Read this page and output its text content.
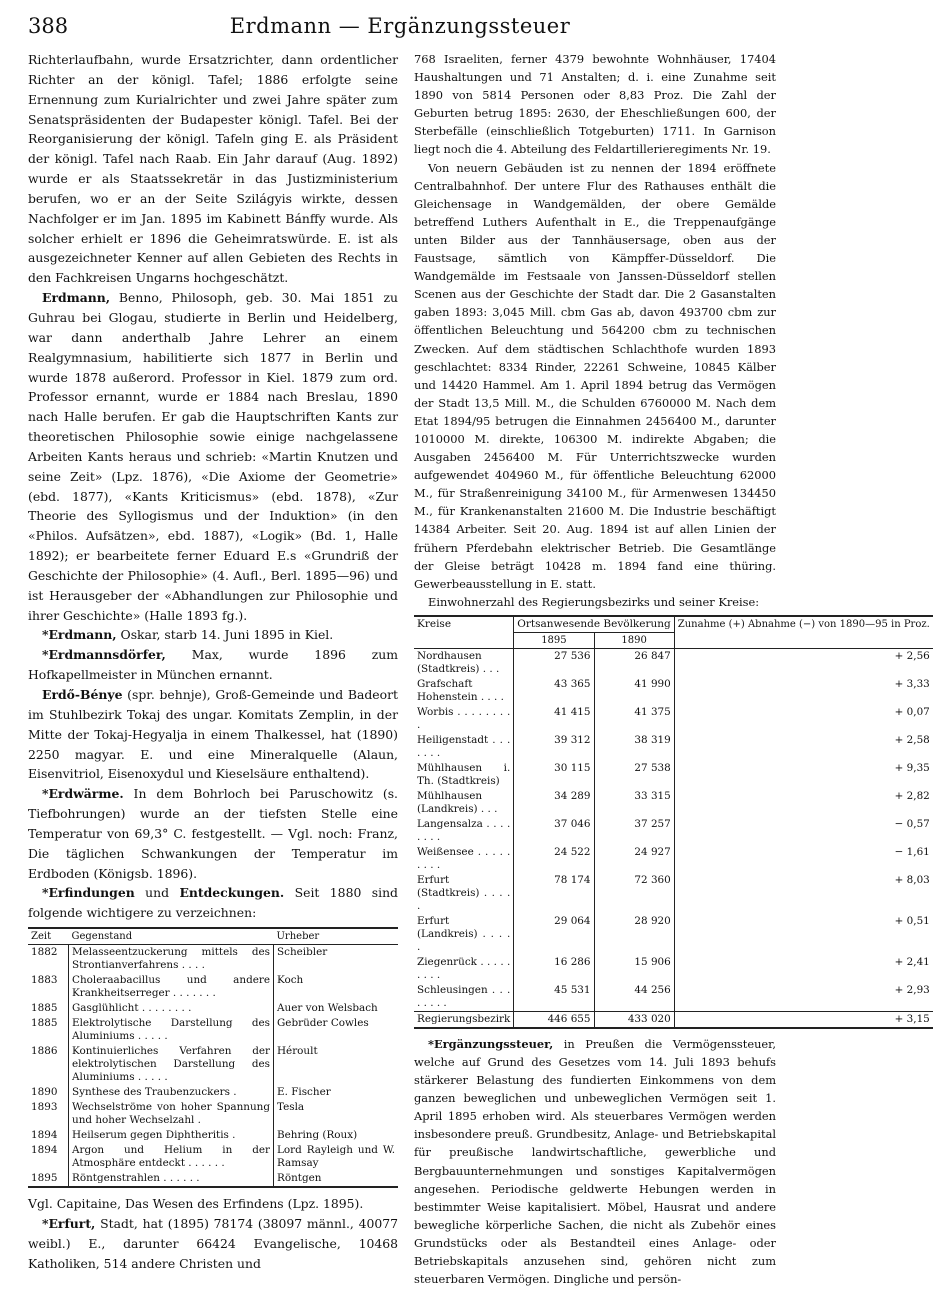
388	Erdmann — Ergänzungssteuer

Richterlaufbahn, wurde Ersatzrichter, dann ordentlicher Richter an der königl. Tafel; 1886 erfolgte seine Ernennung zum Kurialrichter und zwei Jahre später zum Senatspräsidenten der Budapester königl. Tafel. Bei der Reorganisierung der königl. Tafeln ging E. als Präsident der königl. Tafel nach Raab. Ein Jahr darauf (Aug. 1892) wurde er als Staatssekretär in das Justizministerium berufen, wo er an der Seite Szilágyis wirkte, dessen Nachfolger er im Jan. 1895 im Kabinett Bánffy wurde. Als solcher erhielt er 1896 die Geheimratswürde. E. ist als ausgezeichneter Kenner auf allen Gebieten des Rechts in den Fachkreisen Ungarns hochgeschätzt.

Erdmann, Benno, Philosoph, geb. 30. Mai 1851 zu Guhrau bei Glogau, studierte in Berlin und Heidelberg, war dann anderthalb Jahre Lehrer an einem Realgymnasium, habilitierte sich 1877 in Berlin und wurde 1878 außerord. Professor in Kiel. 1879 zum ord. Professor ernannt, wurde er 1884 nach Breslau, 1890 nach Halle berufen. Er gab die Hauptschriften Kants zur theoretischen Philosophie sowie einige nachgelassene Arbeiten Kants heraus und schrieb: «Martin Knutzen und seine Zeit» (Lpz. 1876), «Die Axiome der Geometrie» (ebd. 1877), «Kants Kriticismus» (ebd. 1878), «Zur Theorie des Syllogismus und der Induktion» (in den «Philos. Aufsätzen», ebd. 1887), «Logik» (Bd. 1, Halle 1892); er bearbeitete ferner Eduard E.s «Grundriß der Geschichte der Philosophie» (4. Aufl., Berl. 1895—96) und ist Herausgeber der «Abhandlungen zur Philosophie und ihrer Geschichte» (Halle 1893 fg.).

*Erdmann, Oskar, starb 14. Juni 1895 in Kiel.

*Erdmannsdörfer, Max, wurde 1896 zum Hofkapellmeister in München ernannt.

Erdő-Bénye (spr. behnje), Groß-Gemeinde und Badeort im Stuhlbezirk Tokaj des ungar. Komitats Zemplin, in der Mitte der Tokaj-Hegyalja in einem Thalkessel, hat (1890) 2250 magyar. E. und eine Mineralquelle (Alaun, Eisenvitriol, Eisenoxydul und Kieselsäure enthaltend).

*Erdwärme. In dem Bohrloch bei Paruschowitz (s. Tiefbohrungen) wurde an der tiefsten Stelle eine Temperatur von 69,3° C. festgestellt. — Vgl. noch: Franz, Die täglichen Schwankungen der Temperatur im Erdboden (Königsb. 1896).

*Erfindungen und Entdeckungen. Seit 1880 sind folgende wichtigere zu verzeichnen:

Zeit	Gegenstand	Urheber
1882	Melasseentzuckerung mittels des Strontianverfahrens . . . .	Scheibler
1883	Choleraabacillus und andere Krankheitserreger . . . . . . .	Koch
1885	Gasglühlicht . . . . . . . .	Auer von Welsbach
1885	Elektrolytische Darstellung des Aluminiums . . . . .	Gebrüder Cowles
1886	Kontinuierliches Verfahren der elektrolytischen Darstellung des Aluminiums . . . . .	Héroult
1890	Synthese des Traubenzuckers .	E. Fischer
1893	Wechselströme von hoher Spannung und hoher Wechselzahl .	Tesla
1894	Heilserum gegen Diphtheritis .	Behring (Roux)
1894	Argon und Helium in der Atmosphäre entdeckt . . . . . .	Lord Rayleigh und W. Ramsay
1895	Röntgenstrahlen . . . . . .	Röntgen

Vgl. Capitaine, Das Wesen des Erfindens (Lpz. 1895).

*Erfurt, Stadt, hat (1895) 78174 (38097 männl., 40077 weibl.) E., darunter 66424 Evangelische, 10468 Katholiken, 514 andere Christen und

768 Israeliten, ferner 4379 bewohnte Wohnhäuser, 17404 Haushaltungen und 71 Anstalten; d. i. eine Zunahme seit 1890 von 5814 Personen oder 8,83 Proz. Die Zahl der Geburten betrug 1895: 2630, der Eheschließungen 600, der Sterbefälle (einschließlich Totgeburten) 1711. In Garnison liegt noch die 4. Abteilung des Feldartillerieregiments Nr. 19.

Von neuern Gebäuden ist zu nennen der 1894 eröffnete Centralbahnhof. Der untere Flur des Rathauses enthält die Gleichensage in Wandgemälden, der obere Gemälde betreffend Luthers Aufenthalt in E., die Treppenaufgänge unten Bilder aus der Tannhäusersage, oben aus der Faustsage, sämtlich von Kämpffer-Düsseldorf. Die Wandgemälde im Festsaale von Janssen-Düsseldorf stellen Scenen aus der Geschichte der Stadt dar. Die 2 Gasanstalten gaben 1893: 3,045 Mill. cbm Gas ab, davon 493700 cbm zur öffentlichen Beleuchtung und 564200 cbm zu technischen Zwecken. Auf dem städtischen Schlachthofe wurden 1893 geschlachtet: 8334 Rinder, 22261 Schweine, 10845 Kälber und 14420 Hammel. Am 1. April 1894 betrug das Vermögen der Stadt 13,5 Mill. M., die Schulden 6760000 M. Nach dem Etat 1894/95 betrugen die Einnahmen 2456400 M., darunter 1010000 M. direkte, 106300 M. indirekte Abgaben; die Ausgaben 2456400 M. Für Unterrichtszwecke wurden aufgewendet 404960 M., für öffentliche Beleuchtung 62000 M., für Straßenreinigung 34100 M., für Armenwesen 134450 M., für Krankenanstalten 21600 M. Die Industrie beschäftigt 14384 Arbeiter. Seit 20. Aug. 1894 ist auf allen Linien der frühern Pferdebahn elektrischer Betrieb. Die Gesamtlänge der Gleise beträgt 10428 m. 1894 fand eine thüring. Gewerbeausstellung in E. statt.

Einwohnerzahl des Regierungsbezirks und seiner Kreise:

Kreise	Ortsanwesende Bevölkerung		Zunahme (+) Abnahme (−) von 1890—95 in Proz.
	1895	1890	
Nordhausen (Stadtkreis) . . .	27 536	26 847	+ 2,56
Grafschaft Hohenstein . . . .	43 365	41 990	+ 3,33
Worbis . . . . . . . . .	41 415	41 375	+ 0,07
Heiligenstadt . . . . . . .	39 312	38 319	+ 2,58
Mühlhausen i. Th. (Stadtkreis)	30 115	27 538	+ 9,35
Mühlhausen (Landkreis) . . .	34 289	33 315	+ 2,82
Langensalza . . . . . . . .	37 046	37 257	− 0,57
Weißensee . . . . . . . . .	24 522	24 927	− 1,61
Erfurt (Stadtkreis) . . . . .	78 174	72 360	+ 8,03
Erfurt (Landkreis) . . . . .	29 064	28 920	+ 0,51
Ziegenrück . . . . . . . . .	16 286	15 906	+ 2,41
Schleusingen . . . . . . . .	45 531	44 256	+ 2,93
Regierungsbezirk	446 655	433 020	+ 3,15

*Ergänzungssteuer, in Preußen die Vermögenssteuer, welche auf Grund des Gesetzes vom 14. Juli 1893 behufs stärkerer Belastung des fundierten Einkommens von dem ganzen beweglichen und unbeweglichen Vermögen seit 1. April 1895 erhoben wird. Als steuerbares Vermögen werden insbesondere preuß. Grundbesitz, Anlage- und Betriebskapital für preußische landwirtschaftliche, gewerbliche und Bergbauunternehmungen und sonstiges Kapitalvermögen angesehen. Periodische geldwerte Hebungen werden in bestimmter Weise kapitalisiert. Möbel, Hausrat und andere bewegliche körperliche Sachen, die nicht als Zubehör eines Grundstücks oder als Bestandteil eines Anlage- oder Betriebskapitals anzusehen sind, gehören nicht zum steuerbaren Vermögen. Dingliche und persön-
